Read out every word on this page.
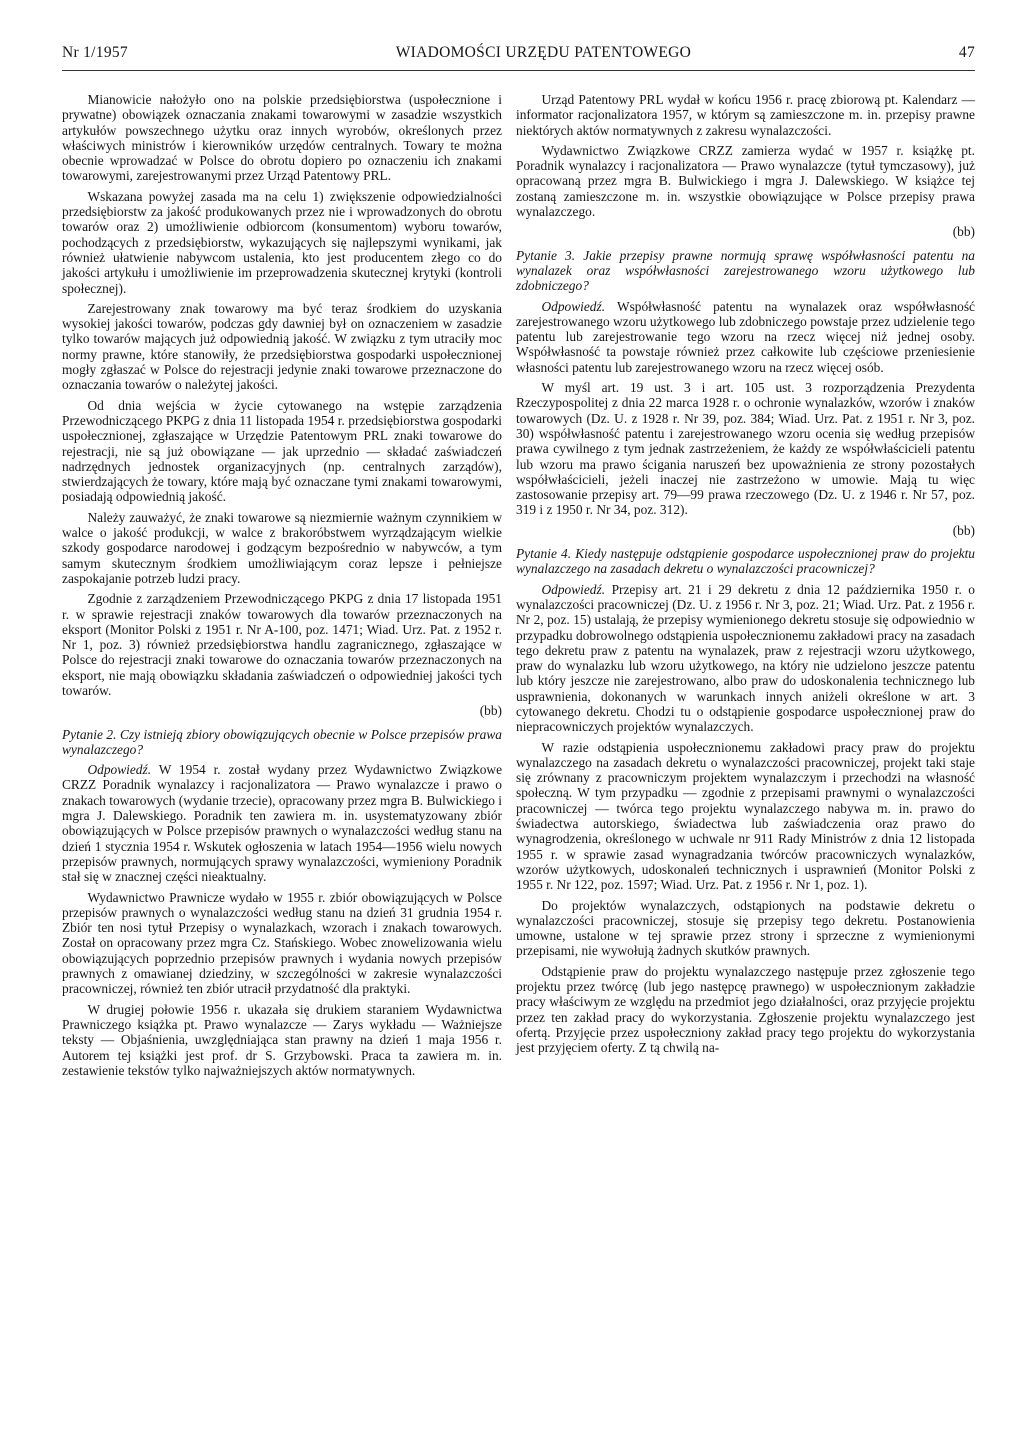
Nr 1/1957	WIADOMOŚCI URZĘDU PATENTOWEGO	47

Mianowicie nałożyło ono na polskie przedsiębiorstwa (uspołecznione i prywatne) obowiązek oznaczania znakami towarowymi w zasadzie wszystkich artykułów powszechnego użytku oraz innych wyrobów, określonych przez właściwych ministrów i kierowników urzędów centralnych. Towary te można obecnie wprowadzać w Polsce do obrotu dopiero po oznaczeniu ich znakami towarowymi, zarejestrowanymi przez Urząd Patentowy PRL.

Wskazana powyżej zasada ma na celu 1) zwiększenie odpowiedzialności przedsiębiorstw za jakość produkowanych przez nie i wprowadzonych do obrotu towarów oraz 2) umożliwienie odbiorcom (konsumentom) wyboru towarów, pochodzących z przedsiębiorstw, wykazujących się najlepszymi wynikami, jak również ułatwienie nabywcom ustalenia, kto jest producentem złego co do jakości artykułu i umożliwienie im przeprowadzenia skutecznej krytyki (kontroli społecznej).

Zarejestrowany znak towarowy ma być teraz środkiem do uzyskania wysokiej jakości towarów, podczas gdy dawniej był on oznaczeniem w zasadzie tylko towarów mających już odpowiednią jakość. W związku z tym utraciły moc normy prawne, które stanowiły, że przedsiębiorstwa gospodarki uspołecznionej mogły zgłaszać w Polsce do rejestracji jedynie znaki towarowe przeznaczone do oznaczania towarów o należytej jakości.

Od dnia wejścia w życie cytowanego na wstępie zarządzenia Przewodniczącego PKPG z dnia 11 listopada 1954 r. przedsiębiorstwa gospodarki uspołecznionej, zgłaszające w Urzędzie Patentowym PRL znaki towarowe do rejestracji, nie są już obowiązane — jak uprzednio — składać zaświadczeń nadrzędnych jednostek organizacyjnych (np. centralnych zarządów), stwierdzających że towary, które mają być oznaczane tymi znakami towarowymi, posiadają odpowiednią jakość.

Należy zauważyć, że znaki towarowe są niezmiernie ważnym czynnikiem w walce o jakość produkcji, w walce z brakoróbstwem wyrządzającym wielkie szkody gospodarce narodowej i godzącym bezpośrednio w nabywców, a tym samym skutecznym środkiem umożliwiającym coraz lepsze i pełniejsze zaspokajanie potrzeb ludzi pracy.

Zgodnie z zarządzeniem Przewodniczącego PKPG z dnia 17 listopada 1951 r. w sprawie rejestracji znaków towarowych dla towarów przeznaczonych na eksport (Monitor Polski z 1951 r. Nr A-100, poz. 1471; Wiad. Urz. Pat. z 1952 r. Nr 1, poz. 3) również przedsiębiorstwa handlu zagranicznego, zgłaszające w Polsce do rejestracji znaki towarowe do oznaczania towarów przeznaczonych na eksport, nie mają obowiązku składania zaświadczeń o odpowiedniej jakości tych towarów.

(bb)

Pytanie 2. Czy istnieją zbiory obowiązujących obecnie w Polsce przepisów prawa wynalazczego?

Odpowiedź. W 1954 r. został wydany przez Wydawnictwo Związkowe CRZZ Poradnik wynalazcy i racjonalizatora — Prawo wynalazcze i prawo o znakach towarowych (wydanie trzecie), opracowany przez mgra B. Bulwickiego i mgra J. Dalewskiego. Poradnik ten zawiera m. in. usystematyzowany zbiór obowiązujących w Polsce przepisów prawnych o wynalazczości według stanu na dzień 1 stycznia 1954 r. Wskutek ogłoszenia w latach 1954—1956 wielu nowych przepisów prawnych, normujących sprawy wynalazczości, wymieniony Poradnik stał się w znacznej części nieaktualny.

Wydawnictwo Prawnicze wydało w 1955 r. zbiór obowiązujących w Polsce przepisów prawnych o wynalazczości według stanu na dzień 31 grudnia 1954 r. Zbiór ten nosi tytuł Przepisy o wynalazkach, wzorach i znakach towarowych. Został on opracowany przez mgra Cz. Stańskiego. Wobec znowelizowania wielu obowiązujących poprzednio przepisów prawnych i wydania nowych przepisów prawnych z omawianej dziedziny, w szczególności w zakresie wynalazczości pracowniczej, również ten zbiór utracił przydatność dla praktyki.

W drugiej połowie 1956 r. ukazała się drukiem staraniem Wydawnictwa Prawniczego książka pt. Prawo wynalazcze — Zarys wykładu — Ważniejsze teksty — Objaśnienia, uwzględniająca stan prawny na dzień 1 maja 1956 r. Autorem tej książki jest prof. dr S. Grzybowski. Praca ta zawiera m. in. zestawienie tekstów tylko najważniejszych aktów normatywnych.

Urząd Patentowy PRL wydał w końcu 1956 r. pracę zbiorową pt. Kalendarz — informator racjonalizatora 1957, w którym są zamieszczone m. in. przepisy prawne niektórych aktów normatywnych z zakresu wynalazczości.

Wydawnictwo Związkowe CRZZ zamierza wydać w 1957 r. książkę pt. Poradnik wynalazcy i racjonalizatora — Prawo wynalazcze (tytuł tymczasowy), już opracowaną przez mgra B. Bulwickiego i mgra J. Dalewskiego. W książce tej zostaną zamieszczone m. in. wszystkie obowiązujące w Polsce przepisy prawa wynalazczego.

(bb)

Pytanie 3. Jakie przepisy prawne normują sprawę współwłasności patentu na wynalazek oraz współwłasności zarejestrowanego wzoru użytkowego lub zdobniczego?

Odpowiedź. Współwłasność patentu na wynalazek oraz współwłasność zarejestrowanego wzoru użytkowego lub zdobniczego powstaje przez udzielenie tego patentu lub zarejestrowanie tego wzoru na rzecz więcej niż jednej osoby. Współwłasność ta powstaje również przez całkowite lub częściowe przeniesienie własności patentu lub zarejestrowanego wzoru na rzecz więcej osób.

W myśl art. 19 ust. 3 i art. 105 ust. 3 rozporządzenia Prezydenta Rzeczypospolitej z dnia 22 marca 1928 r. o ochronie wynalazków, wzorów i znaków towarowych (Dz. U. z 1928 r. Nr 39, poz. 384; Wiad. Urz. Pat. z 1951 r. Nr 3, poz. 30) współwłasność patentu i zarejestrowanego wzoru ocenia się według przepisów prawa cywilnego z tym jednak zastrzeżeniem, że każdy ze współwłaścicieli patentu lub wzoru ma prawo ścigania naruszeń bez upoważnienia ze strony pozostałych współwłaścicieli, jeżeli inaczej nie zastrzeżono w umowie. Mają tu więc zastosowanie przepisy art. 79—99 prawa rzeczowego (Dz. U. z 1946 r. Nr 57, poz. 319 i z 1950 r. Nr 34, poz. 312).

(bb)

Pytanie 4. Kiedy następuje odstąpienie gospodarce uspołecznionej praw do projektu wynalazczego na zasadach dekretu o wynalazczości pracowniczej?

Odpowiedź. Przepisy art. 21 i 29 dekretu z dnia 12 października 1950 r. o wynalazczości pracowniczej (Dz. U. z 1956 r. Nr 3, poz. 21; Wiad. Urz. Pat. z 1956 r. Nr 2, poz. 15) ustalają, że przepisy wymienionego dekretu stosuje się odpowiednio w przypadku dobrowolnego odstąpienia uspołecznionemu zakładowi pracy na zasadach tego dekretu praw z patentu na wynalazek, praw z rejestracji wzoru użytkowego, praw do wynalazku lub wzoru użytkowego, na który nie udzielono jeszcze patentu lub który jeszcze nie zarejestrowano, albo praw do udoskonalenia technicznego lub usprawnienia, dokonanych w warunkach innych aniżeli określone w art. 3 cytowanego dekretu. Chodzi tu o odstąpienie gospodarce uspołecznionej praw do niepracowniczych projektów wynalazczych.

W razie odstąpienia uspołecznionemu zakładowi pracy praw do projektu wynalazczego na zasadach dekretu o wynalazczości pracowniczej, projekt taki staje się zrównany z pracowniczym projektem wynalazczym i przechodzi na własność społeczną. W tym przypadku — zgodnie z przepisami prawnymi o wynalazczości pracowniczej — twórca tego projektu wynalazczego nabywa m. in. prawo do świadectwa autorskiego, świadectwa lub zaświadczenia oraz prawo do wynagrodzenia, określonego w uchwale nr 911 Rady Ministrów z dnia 12 listopada 1955 r. w sprawie zasad wynagradzania twórców pracowniczych wynalazków, wzorów użytkowych, udoskonaleń technicznych i usprawnień (Monitor Polski z 1955 r. Nr 122, poz. 1597; Wiad. Urz. Pat. z 1956 r. Nr 1, poz. 1).

Do projektów wynalazczych, odstąpionych na podstawie dekretu o wynalazczości pracowniczej, stosuje się przepisy tego dekretu. Postanowienia umowne, ustalone w tej sprawie przez strony i sprzeczne z wymienionymi przepisami, nie wywołują żadnych skutków prawnych.

Odstąpienie praw do projektu wynalazczego następuje przez zgłoszenie tego projektu przez twórcę (lub jego następcę prawnego) w uspołecznionym zakładzie pracy właściwym ze względu na przedmiot jego działalności, oraz przyjęcie projektu przez ten zakład pracy do wykorzystania. Zgłoszenie projektu wynalazczego jest ofertą. Przyjęcie przez uspołeczniony zakład pracy tego projektu do wykorzystania jest przyjęciem oferty. Z tą chwilą na-
